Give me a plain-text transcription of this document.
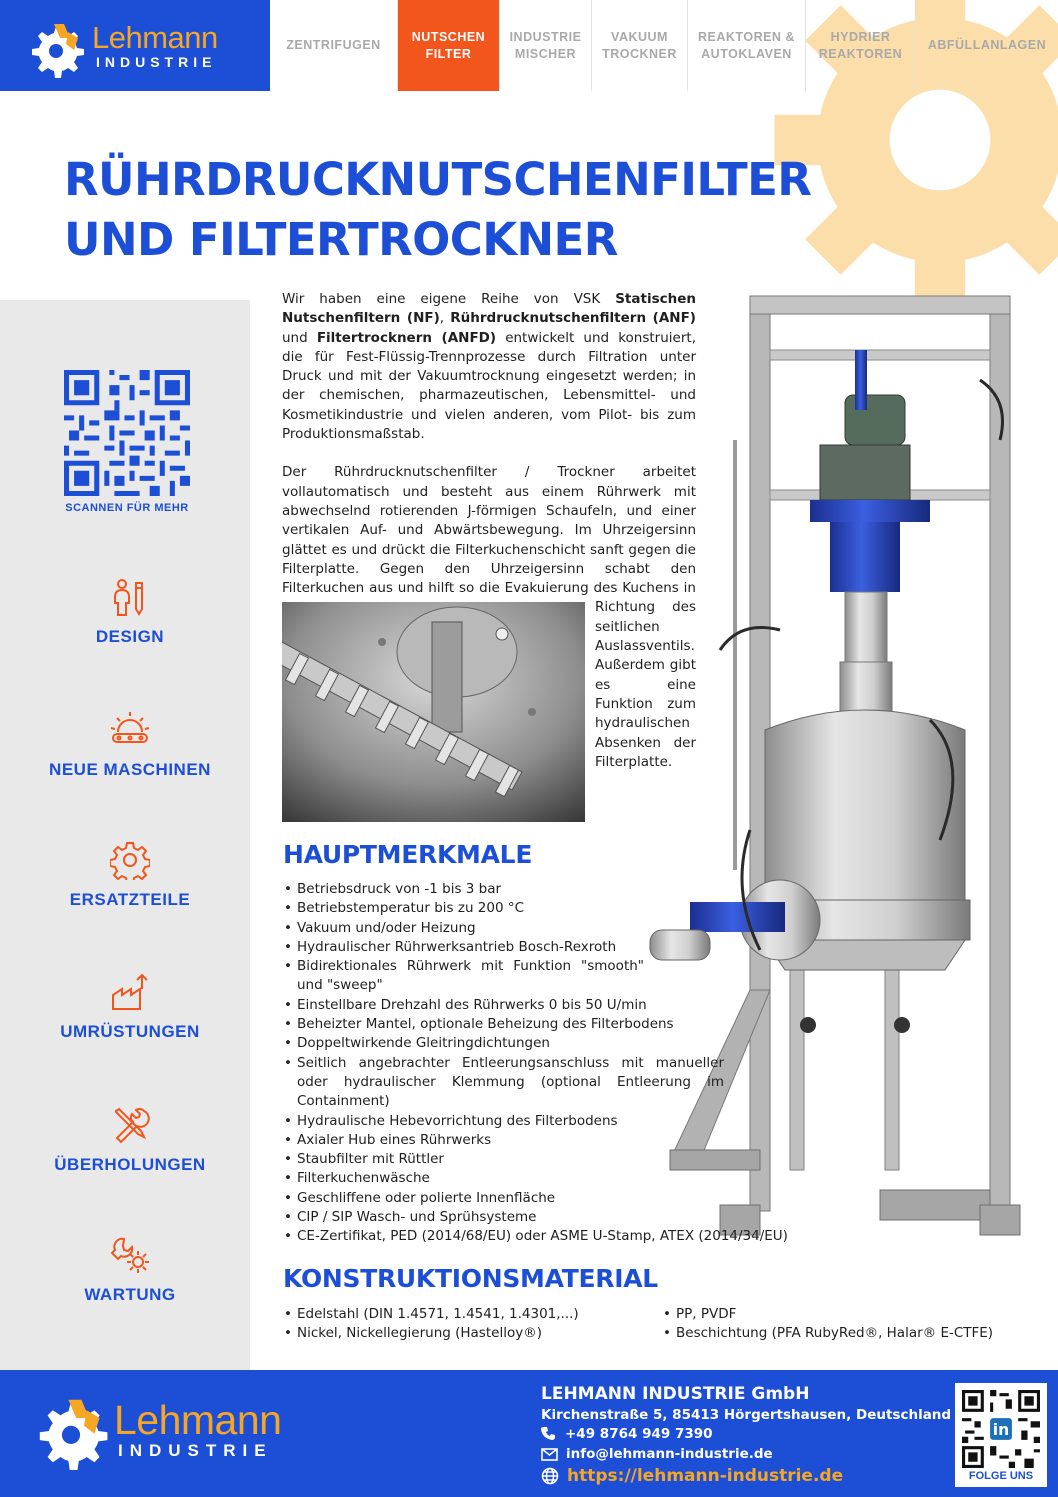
Lehmann
INDUSTRIE
ZENTRIFUGEN

NUTSCHEN
FILTER
INDUSTRIE
MISCHER
VAKUUM
TROCKNER
REAKTOREN &
AUTOKLAVEN
HYDRIER
REAKTOREN
ABFÜLLANLAGEN

RÜHRDRUCKNUTSCHENFILTER
UND FILTERTROCKNER
SCANNEN FÜR MEHR
DESIGN
NEUE MASCHINEN
ERSATZTEILE
UMRÜSTUNGEN
ÜBERHOLUNGEN
WARTUNG

Wir haben eine eigene Reihe von VSK Statischen Nutschenfiltern (NF), Rührdrucknutschenfiltern (ANF) und Filtertrocknern (ANFD) entwickelt und konstruiert, die für Fest-Flüssig-Trennprozesse durch Filtration unter Druck und mit der Vakuumtrocknung eingesetzt werden; in der chemischen, pharmazeutischen, Lebensmittel- und Kosmetikindustrie und vielen anderen, vom Pilot- bis zum Produktionsmaßstab.

Der Rührdrucknutschenfilter / Trockner arbeitet vollautomatisch und besteht aus einem Rührwerk mit abwechselnd rotierenden J-förmigen Schaufeln, und einer vertikalen Auf- und Abwärtsbewegung. Im Uhrzeigersinn glättet es und drückt die Filterkuchenschicht sanft gegen die Filterplatte. Gegen den Uhrzeigersinn schabt den Filterkuchen aus und hilft so die Evakuierung des Kuchens in Richtung
des seitlichen Auslassventils. Außerdem gibt es eine Funktion zum hydraulischen Absenken der Filterplatte.

HAUPTMERKMALE
• Betriebsdruck von -1 bis 3 bar
• Betriebstemperatur bis zu 200 °C
• Vakuum und/oder Heizung
• Hydraulischer Rührwerksantrieb Bosch-Rexroth
• Bidirektionales Rührwerk mit Funktion "smooth" und "sweep"
• Einstellbare Drehzahl des Rührwerks 0 bis 50 U/min
• Beheizter Mantel, optionale Beheizung des Filterbodens
• Doppeltwirkende Gleitringdichtungen
• Seitlich angebrachter Entleerungsanschluss mit manueller oder hydraulischer Klemmung (optional Entleerung im Containment)
• Hydraulische Hebevorrichtung des Filterbodens
• Axialer Hub eines Rührwerks
• Staubfilter mit Rüttler
• Filterkuchenwäsche
• Geschliffene oder polierte Innenfläche
• CIP / SIP Wasch- und Sprühsysteme
• CE-Zertifikat, PED (2014/68/EU) oder ASME U-Stamp, ATEX (2014/34/EU)
KONSTRUKTIONSMATERIAL
• Edelstahl (DIN 1.4571, 1.4541, 1.4301,...)
• Nickel, Nickellegierung (Hastelloy®)
• PP, PVDF
• Beschichtung (PFA RubyRed®, Halar® E-CTFE)
Lehmann
INDUSTRIE
LEHMANN INDUSTRIE GmbH
Kirchenstraße 5, 85413 Hörgertshausen, Deutschland
+49 8764 949 7390
info@lehmann-industrie.de
https://lehmann-industrie.de
in
FOLGE UNS
